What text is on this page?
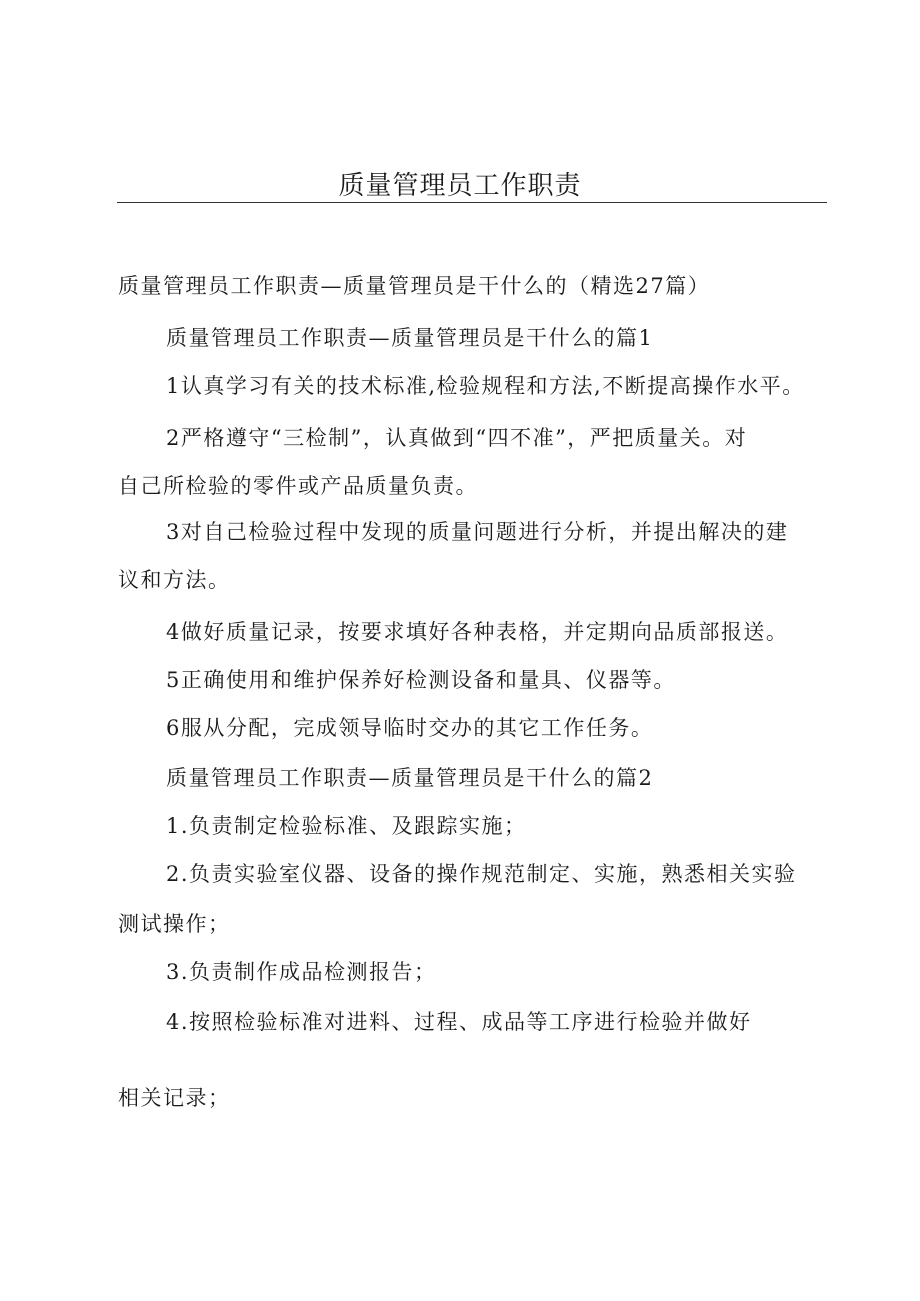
质量管理员工作职责
质量管理员工作职责—质量管理员是干什么的（精选27篇）
质量管理员工作职责—质量管理员是干什么的篇1
1认真学习有关的技术标准,检验规程和方法,不断提高操作水平。
2严格遵守“三检制”，认真做到“四不准”，严把质量关。对
自己所检验的零件或产品质量负责。
3对自己检验过程中发现的质量问题进行分析，并提出解决的建
议和方法。
4做好质量记录，按要求填好各种表格，并定期向品质部报送。
5正确使用和维护保养好检测设备和量具、仪器等。
6服从分配，完成领导临时交办的其它工作任务。
质量管理员工作职责—质量管理员是干什么的篇2
1.负责制定检验标准、及跟踪实施；
2.负责实验室仪器、设备的操作规范制定、实施，熟悉相关实验
测试操作；
3.负责制作成品检测报告；
4.按照检验标准对进料、过程、成品等工序进行检验并做好
相关记录；
